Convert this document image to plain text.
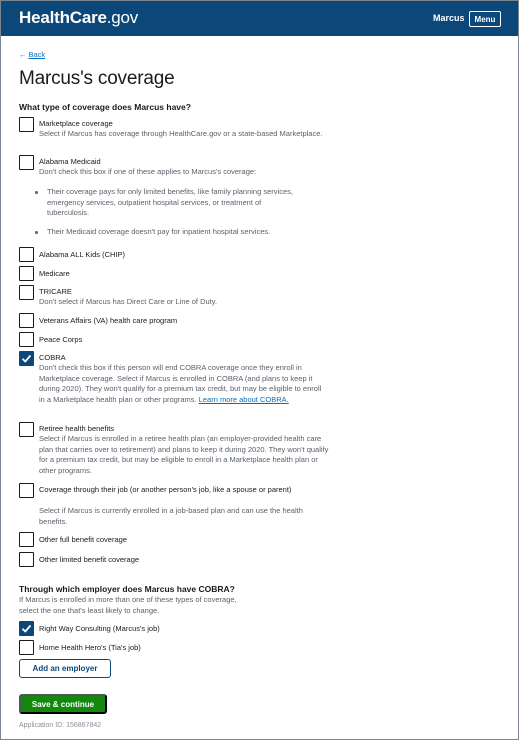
HealthCare.gov	Marcus	Menu
← Back
Marcus's coverage
What type of coverage does Marcus have?
Marketplace coverage
Select if Marcus has coverage through HealthCare.gov or a state-based Marketplace.
Alabama Medicaid
Don't check this box if one of these applies to Marcus's coverage:
Their coverage pays for only limited benefits, like family planning services, emergency services, outpatient hospital services, or treatment of tuberculosis.
Their Medicaid coverage doesn't pay for inpatient hospital services.
Alabama ALL Kids (CHIP)
Medicare
TRICARE
Don't select if Marcus has Direct Care or Line of Duty.
Veterans Affairs (VA) health care program
Peace Corps
COBRA
Don't check this box if this person will end COBRA coverage once they enroll in Marketplace coverage. Select if Marcus is enrolled in COBRA (and plans to keep it during 2020). They won't qualify for a premium tax credit, but may be eligible to enroll in a Marketplace health plan or other programs. Learn more about COBRA.
Retiree health benefits
Select if Marcus is enrolled in a retiree health plan (an employer-provided health care plan that carries over to retirement) and plans to keep it during 2020. They won't qualify for a premium tax credit, but may be eligible to enroll in a Marketplace health plan or other programs.
Coverage through their job (or another person's job, like a spouse or parent)
Select if Marcus is currently enrolled in a job-based plan and can use the health benefits.
Other full benefit coverage
Other limited benefit coverage
Through which employer does Marcus have COBRA?
If Marcus is enrolled in more than one of these types of coverage, select the one that's least likely to change.
Right Way Consulting (Marcus's job)
Home Health Hero's (Tia's job)
Add an employer
Save & continue
Application ID: 156867842
